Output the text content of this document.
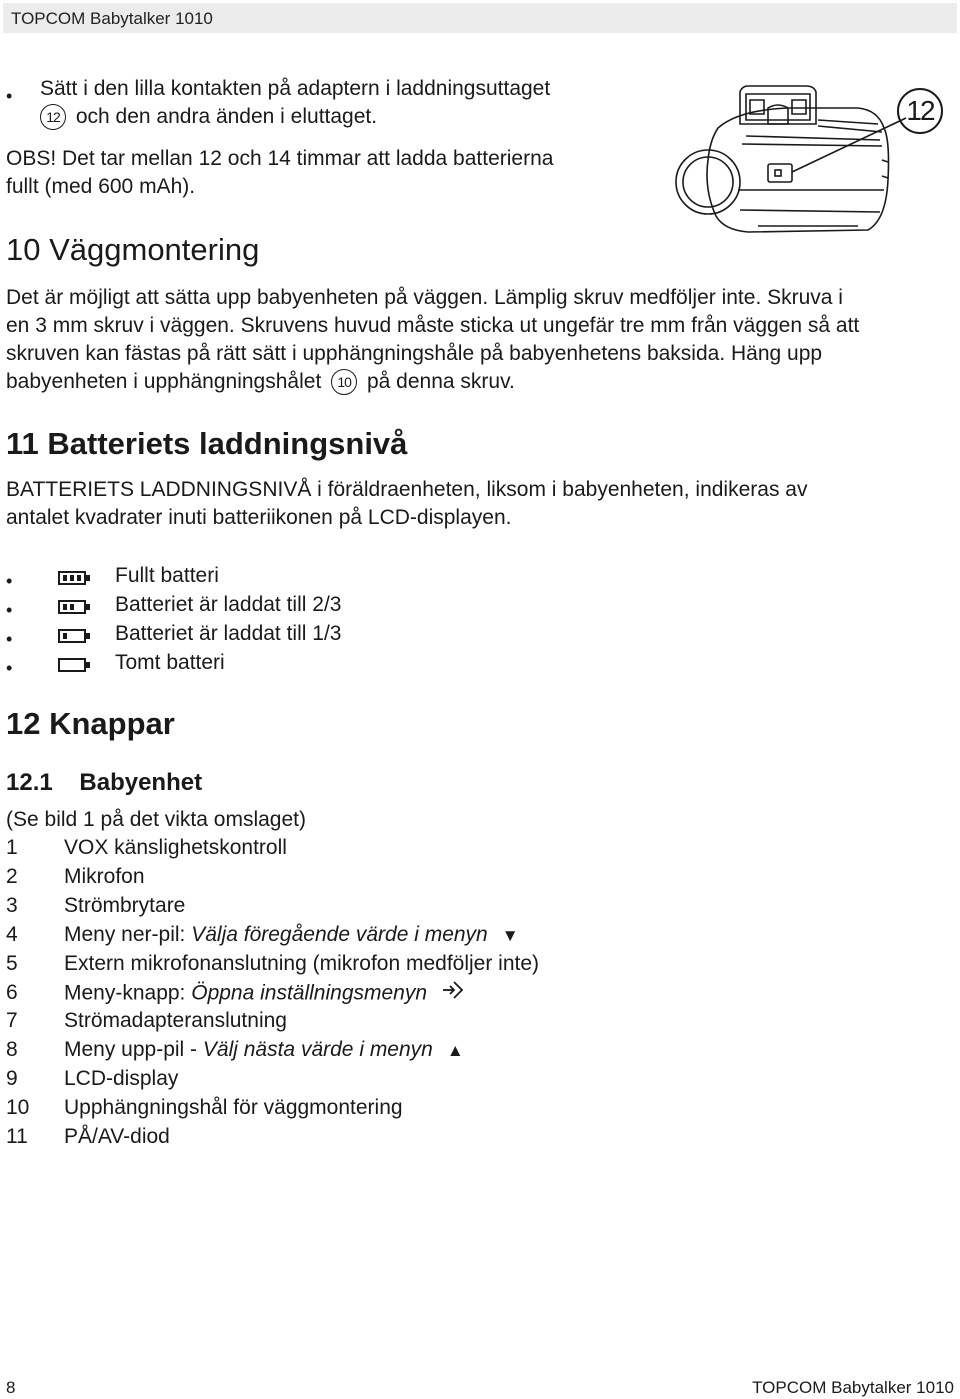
TOPCOM Babytalker 1010
• Sätt i den lilla kontakten på adaptern i laddningsuttaget
12 och den andra änden i eluttaget.
OBS! Det tar mellan 12 och 14 timmar att ladda batterierna
fullt (med 600 mAh).
12
10 Väggmontering
Det är möjligt att sätta upp babyenheten på väggen. Lämplig skruv medföljer inte. Skruva i
en 3 mm skruv i väggen. Skruvens huvud måste sticka ut ungefär tre mm från väggen så att
skruven kan fästas på rätt sätt i upphängningshåle på babyenhetens baksida. Häng upp
babyenheten i upphängningshålet 10 på denna skruv.
11 Batteriets laddningsnivå
BATTERIETS LADDNINGSNIVÅ i föräldraenheten, liksom i babyenheten, indikeras av
antalet kvadrater inuti batteriikonen på LCD-displayen.
•	Fullt batteri
•	Batteriet är laddat till 2/3
•	Batteriet är laddat till 1/3
•	Tomt batteri
12 Knappar
12.1 Babyenhet
(Se bild 1 på det vikta omslaget)
1 VOX känslighetskontroll
2 Mikrofon
3 Strömbrytare
4 Meny ner-pil: Välja föregående värde i menyn ▼
5 Extern mikrofonanslutning (mikrofon medföljer inte)
6 Meny-knapp: Öppna inställningsmenyn
7 Strömadapteranslutning
8 Meny upp-pil - Välj nästa värde i menyn ▲
9 LCD-display
10 Upphängningshål för väggmontering
11 PÅ/AV-diod
8	TOPCOM Babytalker 1010
